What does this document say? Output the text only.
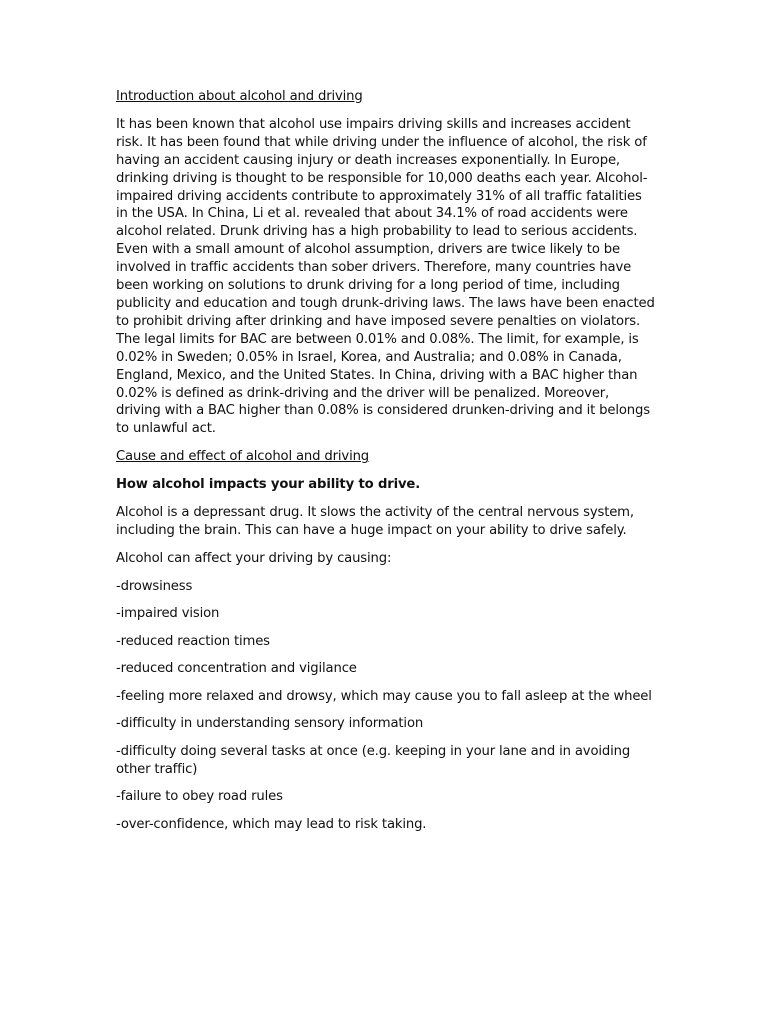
Introduction about alcohol and driving

It has been known that alcohol use impairs driving skills and increases accident risk. It has been found that while driving under the influence of alcohol, the risk of having an accident causing injury or death increases exponentially. In Europe, drinking driving is thought to be responsible for 10,000 deaths each year. Alcohol-impaired driving accidents contribute to approximately 31% of all traffic fatalities in the USA. In China, Li et al. revealed that about 34.1% of road accidents were alcohol related. Drunk driving has a high probability to lead to serious accidents. Even with a small amount of alcohol assumption, drivers are twice likely to be involved in traffic accidents than sober drivers. Therefore, many countries have been working on solutions to drunk driving for a long period of time, including publicity and education and tough drunk-driving laws. The laws have been enacted to prohibit driving after drinking and have imposed severe penalties on violators. The legal limits for BAC are between 0.01% and 0.08%. The limit, for example, is 0.02% in Sweden; 0.05% in Israel, Korea, and Australia; and 0.08% in Canada, England, Mexico, and the United States. In China, driving with a BAC higher than 0.02% is defined as drink-driving and the driver will be penalized. Moreover, driving with a BAC higher than 0.08% is considered drunken-driving and it belongs to unlawful act.

Cause and effect of alcohol and driving

How alcohol impacts your ability to drive.

Alcohol is a depressant drug. It slows the activity of the central nervous system, including the brain. This can have a huge impact on your ability to drive safely.

Alcohol can affect your driving by causing:

-drowsiness

-impaired vision

-reduced reaction times

-reduced concentration and vigilance

-feeling more relaxed and drowsy, which may cause you to fall asleep at the wheel

-difficulty in understanding sensory information

-difficulty doing several tasks at once (e.g. keeping in your lane and in avoiding other traffic)

-failure to obey road rules

-over-confidence, which may lead to risk taking.
